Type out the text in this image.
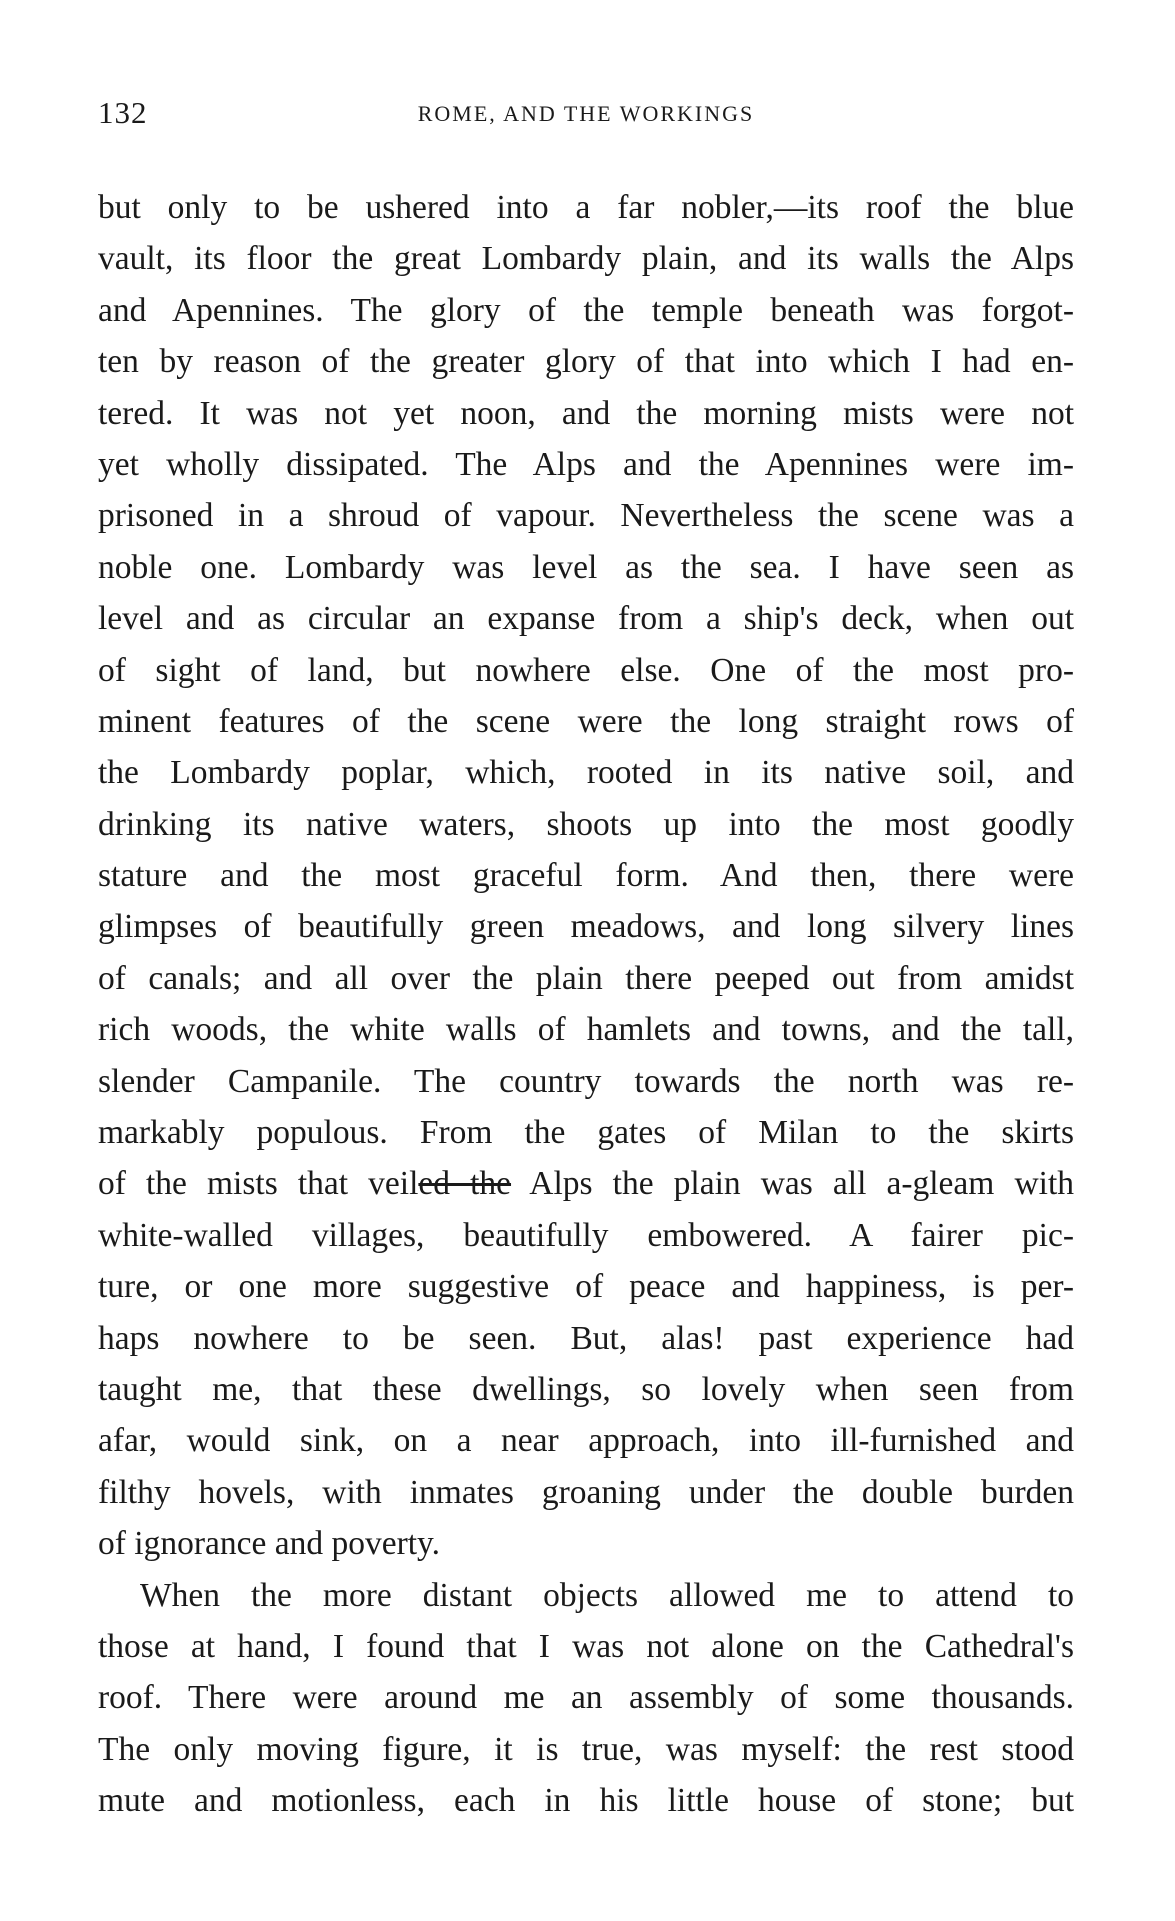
132	ROME, AND THE WORKINGS
but only to be ushered into a far nobler,—its roof the blue
vault, its floor the great Lombardy plain, and its walls the Alps
and Apennines. The glory of the temple beneath was forgot-
ten by reason of the greater glory of that into which I had en-
tered. It was not yet noon, and the morning mists were not
yet wholly dissipated. The Alps and the Apennines were im-
prisoned in a shroud of vapour. Nevertheless the scene was a
noble one. Lombardy was level as the sea. I have seen as
level and as circular an expanse from a ship's deck, when out
of sight of land, but nowhere else. One of the most pro-
minent features of the scene were the long straight rows of
the Lombardy poplar, which, rooted in its native soil, and
drinking its native waters, shoots up into the most goodly
stature and the most graceful form. And then, there were
glimpses of beautifully green meadows, and long silvery lines
of canals; and all over the plain there peeped out from amidst
rich woods, the white walls of hamlets and towns, and the tall,
slender Campanile. The country towards the north was re-
markably populous. From the gates of Milan to the skirts
of the mists that veiled the Alps the plain was all a-gleam with
white-walled villages, beautifully embowered. A fairer pic-
ture, or one more suggestive of peace and happiness, is per-
haps nowhere to be seen. But, alas! past experience had
taught me, that these dwellings, so lovely when seen from
afar, would sink, on a near approach, into ill-furnished and
filthy hovels, with inmates groaning under the double burden
of ignorance and poverty.
When the more distant objects allowed me to attend to
those at hand, I found that I was not alone on the Cathedral's
roof. There were around me an assembly of some thousands.
The only moving figure, it is true, was myself: the rest stood
mute and motionless, each in his little house of stone; but
